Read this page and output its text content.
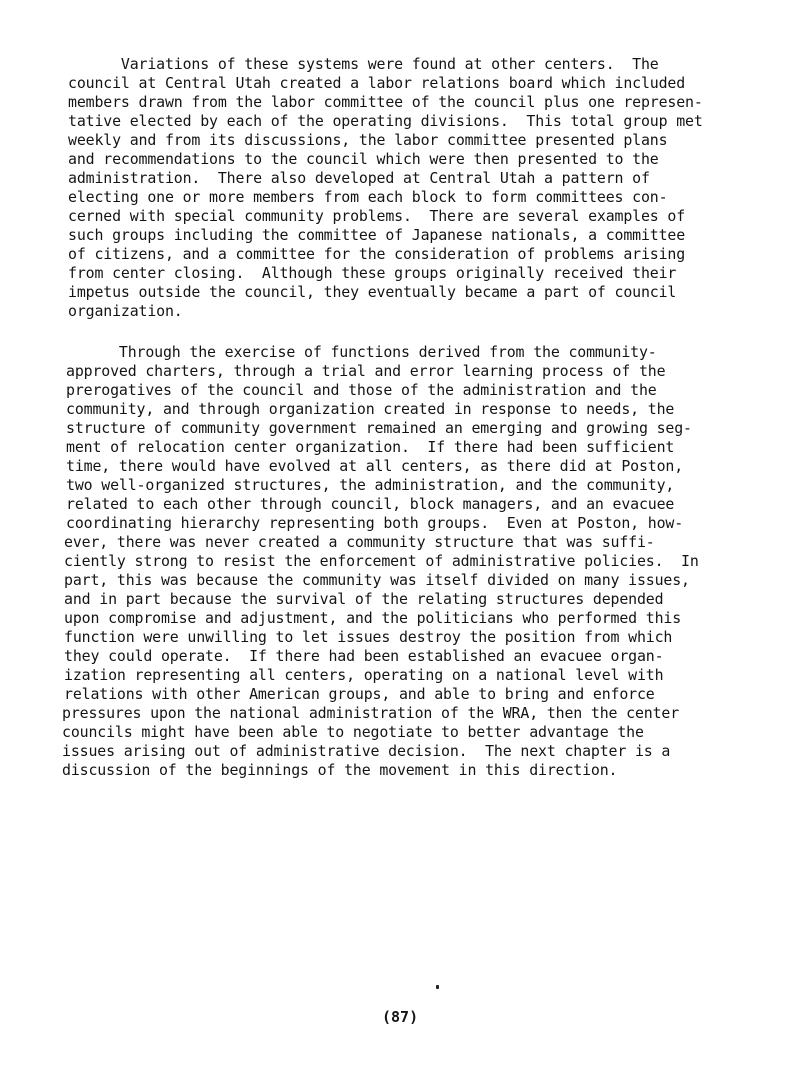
Variations of these systems were found at other centers.  The

council at Central Utah created a labor relations board which included

members drawn from the labor committee of the council plus one represen-

tative elected by each of the operating divisions.  This total group met

weekly and from its discussions, the labor committee presented plans

and recommendations to the council which were then presented to the

administration.  There also developed at Central Utah a pattern of

electing one or more members from each block to form committees con-

cerned with special community problems.  There are several examples of

such groups including the committee of Japanese nationals, a committee

of citizens, and a committee for the consideration of problems arising

from center closing.  Although these groups originally received their

impetus outside the council, they eventually became a part of council

organization.

Through the exercise of functions derived from the community-

approved charters, through a trial and error learning process of the

prerogatives of the council and those of the administration and the

community, and through organization created in response to needs, the

structure of community government remained an emerging and growing seg-

ment of relocation center organization.  If there had been sufficient

time, there would have evolved at all centers, as there did at Poston,

two well-organized structures, the administration, and the community,

related to each other through council, block managers, and an evacuee

coordinating hierarchy representing both groups.  Even at Poston, how-

ever, there was never created a community structure that was suffi-

ciently strong to resist the enforcement of administrative policies.  In

part, this was because the community was itself divided on many issues,

and in part because the survival of the relating structures depended

upon compromise and adjustment, and the politicians who performed this

function were unwilling to let issues destroy the position from which

they could operate.  If there had been established an evacuee organ-

ization representing all centers, operating on a national level with

relations with other American groups, and able to bring and enforce

pressures upon the national administration of the WRA, then the center

councils might have been able to negotiate to better advantage the

issues arising out of administrative decision.  The next chapter is a

discussion of the beginnings of the movement in this direction.

(87)
